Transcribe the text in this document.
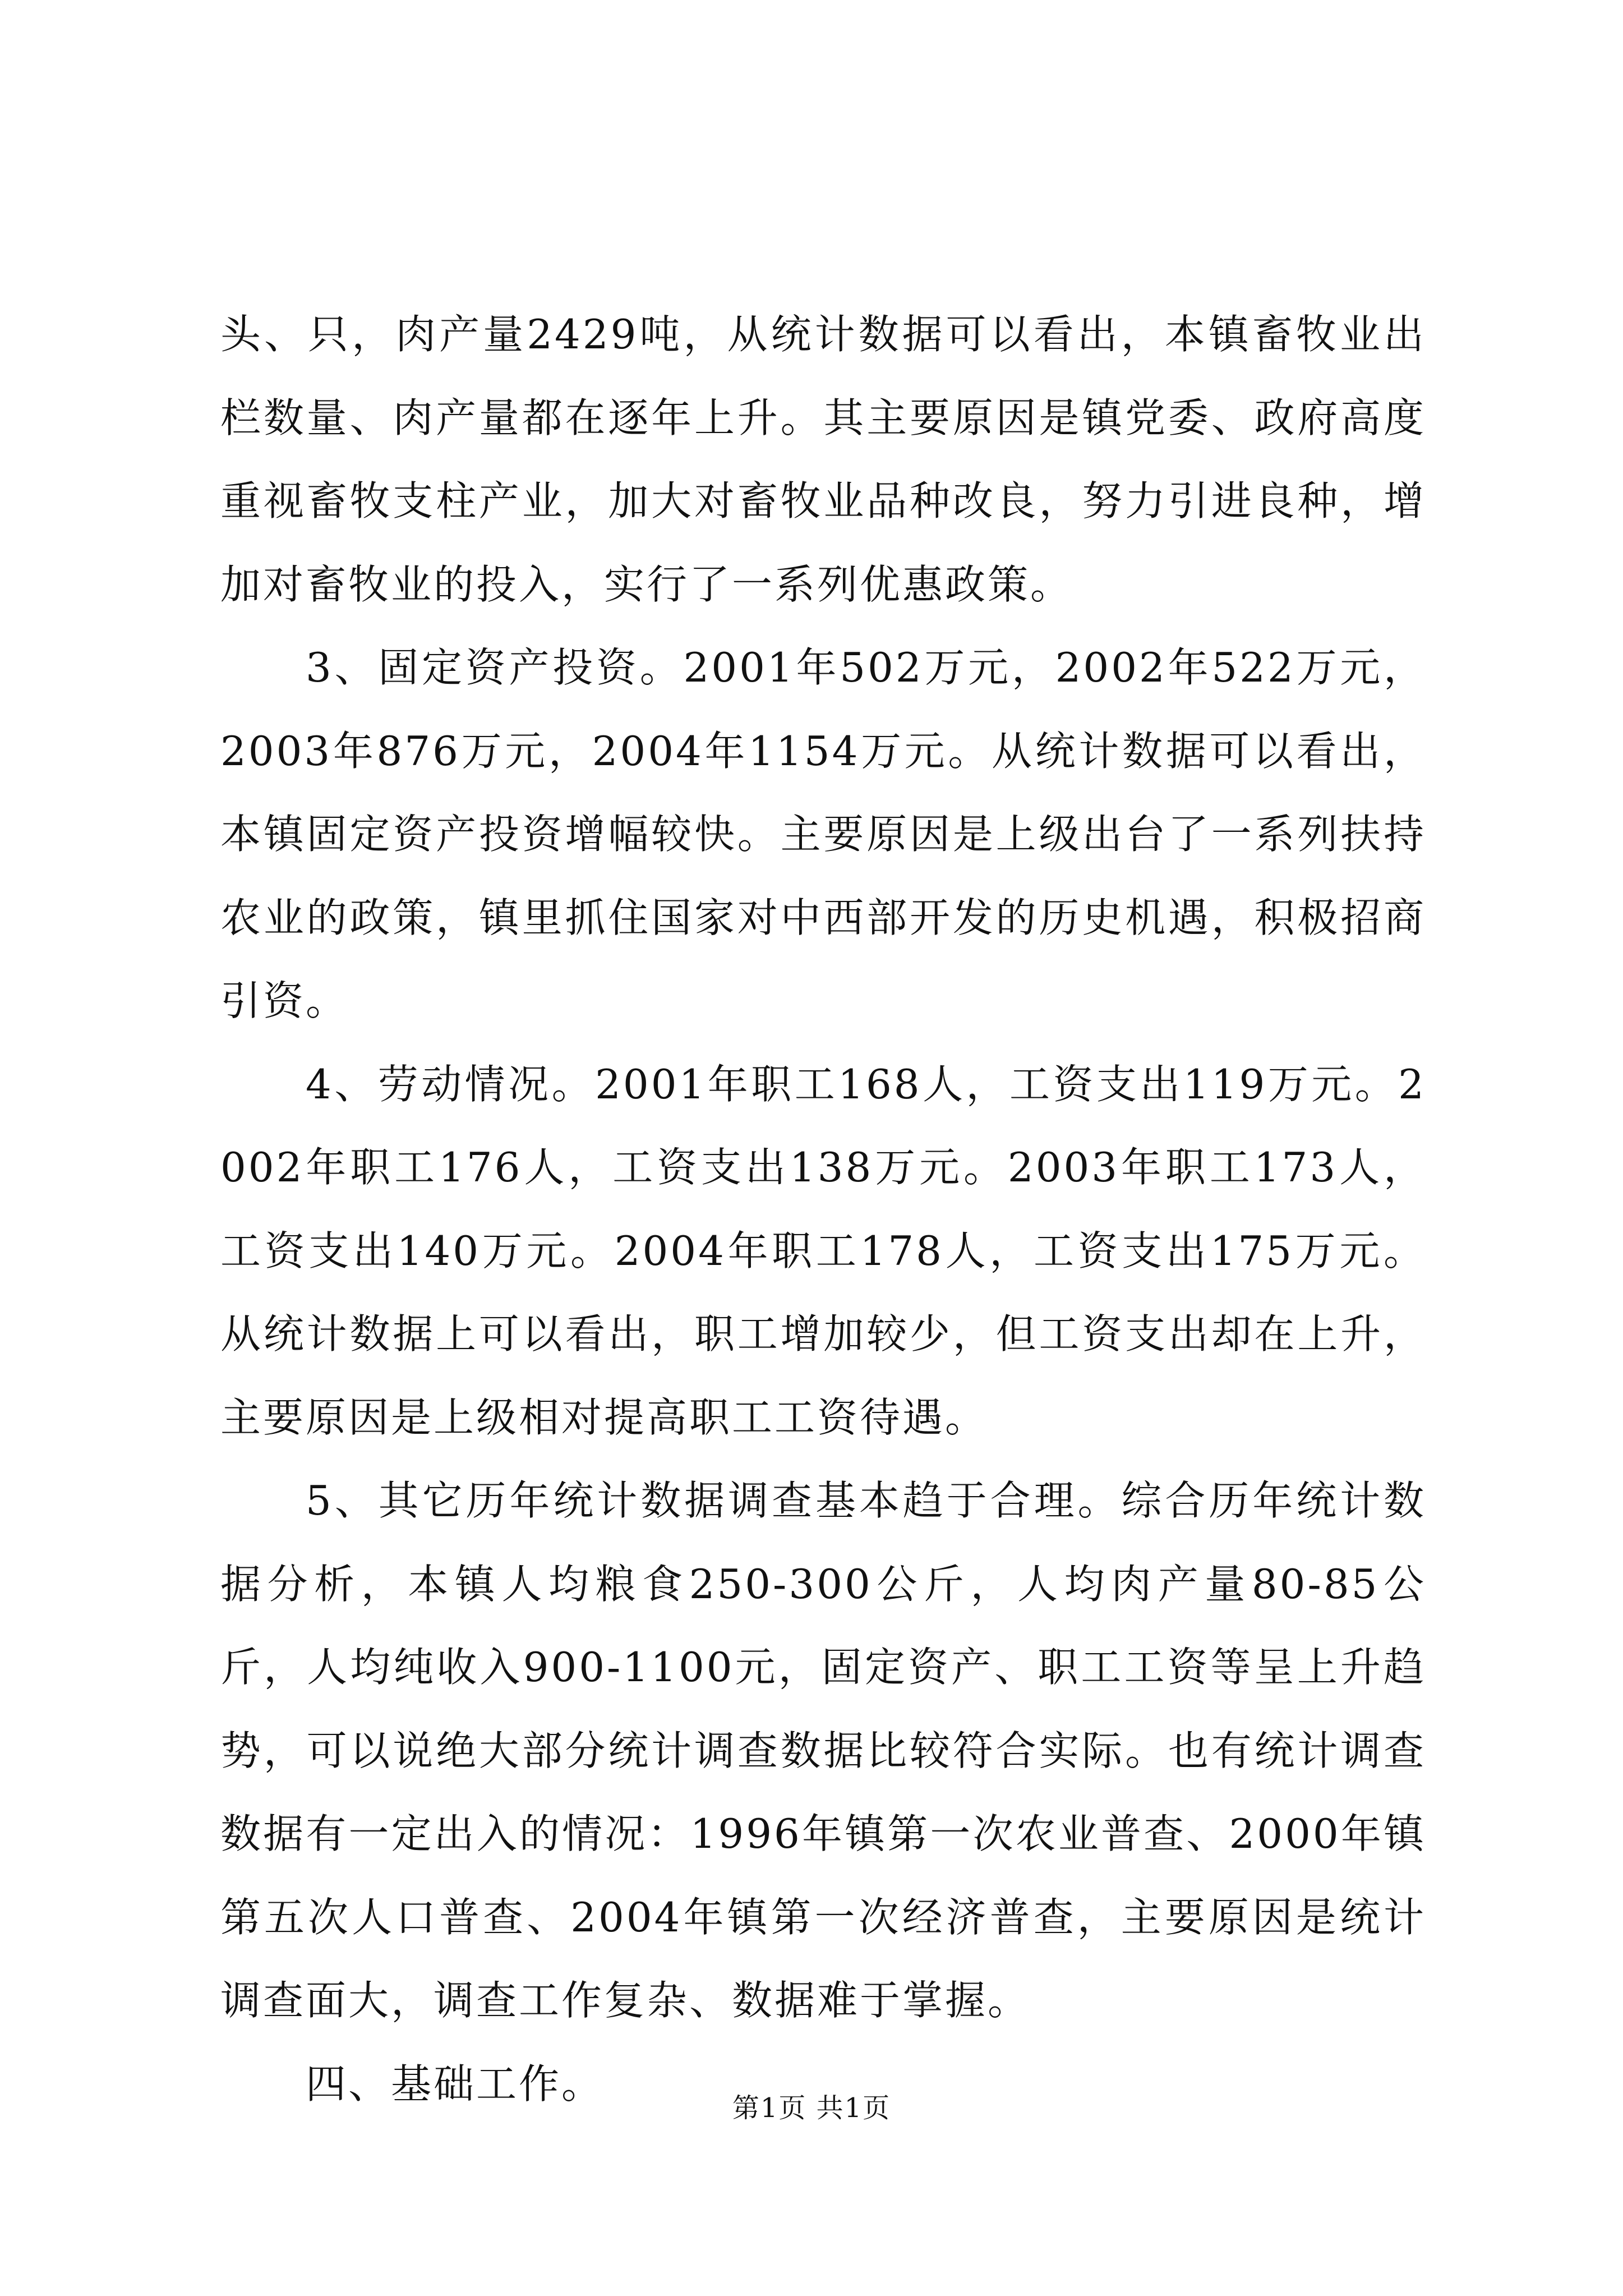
头、只，肉产量2429吨，从统计数据可以看出，本镇畜牧业出栏数量、肉产量都在逐年上升。其主要原因是镇党委、政府高度重视畜牧支柱产业，加大对畜牧业品种改良，努力引进良种，增加对畜牧业的投入，实行了一系列优惠政策。

3、固定资产投资。2001年502万元，2002年522万元，2003年876万元，2004年1154万元。从统计数据可以看出，本镇固定资产投资增幅较快。主要原因是上级出台了一系列扶持农业的政策，镇里抓住国家对中西部开发的历史机遇，积极招商引资。

4、劳动情况。2001年职工168人，工资支出119万元。2002年职工176人，工资支出138万元。2003年职工173人，工资支出140万元。2004年职工178人，工资支出175万元。从统计数据上可以看出，职工增加较少，但工资支出却在上升，主要原因是上级相对提高职工工资待遇。

5、其它历年统计数据调查基本趋于合理。综合历年统计数据分析，本镇人均粮食250-300公斤，人均肉产量80-85公斤，人均纯收入900-1100元，固定资产、职工工资等呈上升趋势，可以说绝大部分统计调查数据比较符合实际。也有统计调查数据有一定出入的情况：1996年镇第一次农业普查、2000年镇第五次人口普查、2004年镇第一次经济普查，主要原因是统计调查面大，调查工作复杂、数据难于掌握。

四、基础工作。

第1页 共1页
